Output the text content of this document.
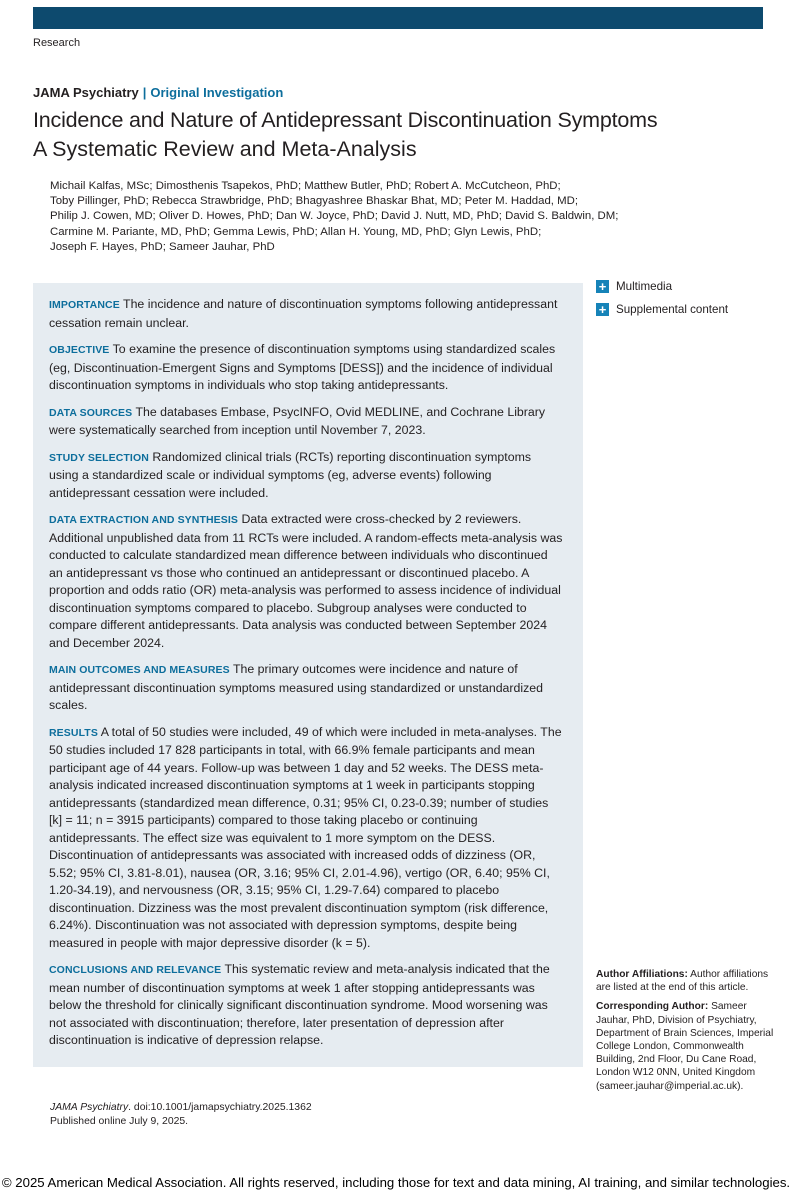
Research
JAMA Psychiatry | Original Investigation
Incidence and Nature of Antidepressant Discontinuation Symptoms
A Systematic Review and Meta-Analysis
Michail Kalfas, MSc; Dimosthenis Tsapekos, PhD; Matthew Butler, PhD; Robert A. McCutcheon, PhD;
Toby Pillinger, PhD; Rebecca Strawbridge, PhD; Bhagyashree Bhaskar Bhat, MD; Peter M. Haddad, MD;
Philip J. Cowen, MD; Oliver D. Howes, PhD; Dan W. Joyce, PhD; David J. Nutt, MD, PhD; David S. Baldwin, DM;
Carmine M. Pariante, MD, PhD; Gemma Lewis, PhD; Allan H. Young, MD, PhD; Glyn Lewis, PhD;
Joseph F. Hayes, PhD; Sameer Jauhar, PhD
+ Multimedia
+ Supplemental content

IMPORTANCE The incidence and nature of discontinuation symptoms following antidepressant cessation remain unclear.

OBJECTIVE To examine the presence of discontinuation symptoms using standardized scales (eg, Discontinuation-Emergent Signs and Symptoms [DESS]) and the incidence of individual discontinuation symptoms in individuals who stop taking antidepressants.

DATA SOURCES The databases Embase, PsycINFO, Ovid MEDLINE, and Cochrane Library were systematically searched from inception until November 7, 2023.

STUDY SELECTION Randomized clinical trials (RCTs) reporting discontinuation symptoms using a standardized scale or individual symptoms (eg, adverse events) following antidepressant cessation were included.

DATA EXTRACTION AND SYNTHESIS Data extracted were cross-checked by 2 reviewers. Additional unpublished data from 11 RCTs were included. A random-effects meta-analysis was conducted to calculate standardized mean difference between individuals who discontinued an antidepressant vs those who continued an antidepressant or discontinued placebo. A proportion and odds ratio (OR) meta-analysis was performed to assess incidence of individual discontinuation symptoms compared to placebo. Subgroup analyses were conducted to compare different antidepressants. Data analysis was conducted between September 2024 and December 2024.

MAIN OUTCOMES AND MEASURES The primary outcomes were incidence and nature of antidepressant discontinuation symptoms measured using standardized or unstandardized scales.

RESULTS A total of 50 studies were included, 49 of which were included in meta-analyses. The 50 studies included 17 828 participants in total, with 66.9% female participants and mean participant age of 44 years. Follow-up was between 1 day and 52 weeks. The DESS meta-analysis indicated increased discontinuation symptoms at 1 week in participants stopping antidepressants (standardized mean difference, 0.31; 95% CI, 0.23-0.39; number of studies [k] = 11; n = 3915 participants) compared to those taking placebo or continuing antidepressants. The effect size was equivalent to 1 more symptom on the DESS. Discontinuation of antidepressants was associated with increased odds of dizziness (OR, 5.52; 95% CI, 3.81-8.01), nausea (OR, 3.16; 95% CI, 2.01-4.96), vertigo (OR, 6.40; 95% CI, 1.20-34.19), and nervousness (OR, 3.15; 95% CI, 1.29-7.64) compared to placebo discontinuation. Dizziness was the most prevalent discontinuation symptom (risk difference, 6.24%). Discontinuation was not associated with depression symptoms, despite being measured in people with major depressive disorder (k = 5).

CONCLUSIONS AND RELEVANCE This systematic review and meta-analysis indicated that the mean number of discontinuation symptoms at week 1 after stopping antidepressants was below the threshold for clinically significant discontinuation syndrome. Mood worsening was not associated with discontinuation; therefore, later presentation of depression after discontinuation is indicative of depression relapse.

JAMA Psychiatry. doi:10.1001/jamapsychiatry.2025.1362
Published online July 9, 2025.

Author Affiliations: Author affiliations are listed at the end of this article.

Corresponding Author: Sameer Jauhar, PhD, Division of Psychiatry, Department of Brain Sciences, Imperial College London, Commonwealth Building, 2nd Floor, Du Cane Road, London W12 0NN, United Kingdom (sameer.jauhar@imperial.ac.uk).

© 2025 American Medical Association. All rights reserved, including those for text and data mining, AI training, and similar technologies.
